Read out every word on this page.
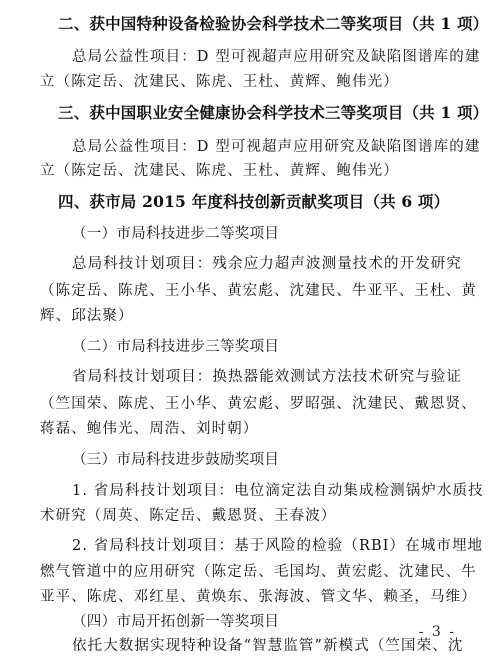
二、获中国特种设备检验协会科学技术二等奖项目（共 1 项）
总局公益性项目：D 型可视超声应用研究及缺陷图谱库的建
立（陈定岳、沈建民、陈虎、王杜、黄辉、鲍伟光）
三、获中国职业安全健康协会科学技术三等奖项目（共 1 项）
总局公益性项目：D 型可视超声应用研究及缺陷图谱库的建
立（陈定岳、沈建民、陈虎、王杜、黄辉、鲍伟光）
四、获市局 2015 年度科技创新贡献奖项目（共 6 项）
（一）市局科技进步二等奖项目
总局科技计划项目：残余应力超声波测量技术的开发研究
（陈定岳、陈虎、王小华、黄宏彪、沈建民、牛亚平、王杜、黄
辉、邱法聚）
（二）市局科技进步三等奖项目
省局科技计划项目：换热器能效测试方法技术研究与验证
（竺国荣、陈虎、王小华、黄宏彪、罗昭强、沈建民、戴恩贤、
蒋磊、鲍伟光、周浩、刘时朝）
（三）市局科技进步鼓励奖项目
1. 省局科技计划项目：电位滴定法自动集成检测锅炉水质技
术研究（周英、陈定岳、戴恩贤、王春波）
2. 省局科技计划项目：基于风险的检验（RBI）在城市埋地
燃气管道中的应用研究（陈定岳、毛国均、黄宏彪、沈建民、牛
亚平、陈虎、邓红星、黄焕东、张海波、管文华、赖圣，马维）
（四）市局开拓创新一等奖项目
依托大数据实现特种设备“智慧监管”新模式（竺国荣、沈
- 3 -
